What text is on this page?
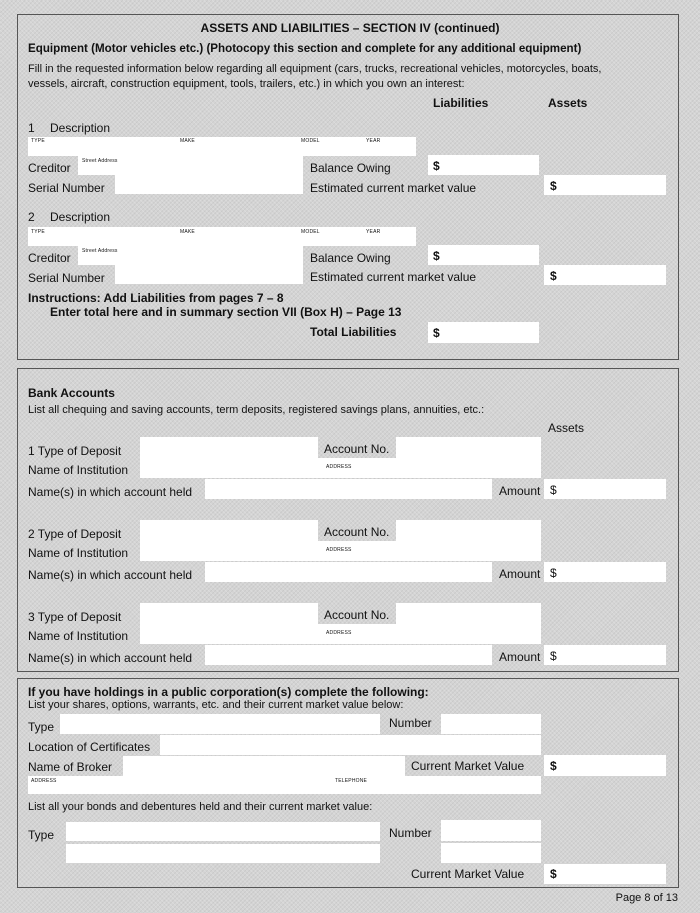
ASSETS AND LIABILITIES – SECTION IV (continued)
Equipment (Motor vehicles etc.) (Photocopy this section and complete for any additional equipment)
Fill in the requested information below regarding all equipment (cars, trucks, recreational vehicles, motorcycles, boats,
vessels, aircraft, construction equipment, tools, trailers, etc.) in which you own an interest:
Liabilities	Assets
1 Description
TYPE	MAKE	MODEL	YEAR
Creditor Street Address	Balance Owing	$
Serial Number	Estimated current market value	$
2 Description
TYPE	MAKE	MODEL	YEAR
Creditor Street Address	Balance Owing	$
Serial Number	Estimated current market value	$
Instructions: Add Liabilities from pages 7 – 8
Enter total here and in summary section VII (Box H) – Page 13
Total Liabilities	$
Bank Accounts
List all chequing and saving accounts, term deposits, registered savings plans, annuities, etc.:
Assets
1 Type of Deposit	Account No.
Name of Institution	ADDRESS
Name(s) in which account held	Amount $
2 Type of Deposit	Account No.
Name of Institution	ADDRESS
Name(s) in which account held	Amount $
3 Type of Deposit	Account No.
Name of Institution	ADDRESS
Name(s) in which account held	Amount $
If you have holdings in a public corporation(s) complete the following:
List your shares, options, warrants, etc. and their current market value below:
Type	Number
Location of Certificates
Name of Broker	Current Market Value $
ADDRESS	TELEPHONE
List all your bonds and debentures held and their current market value:
Type	Number
Current Market Value $
Page 8 of 13
